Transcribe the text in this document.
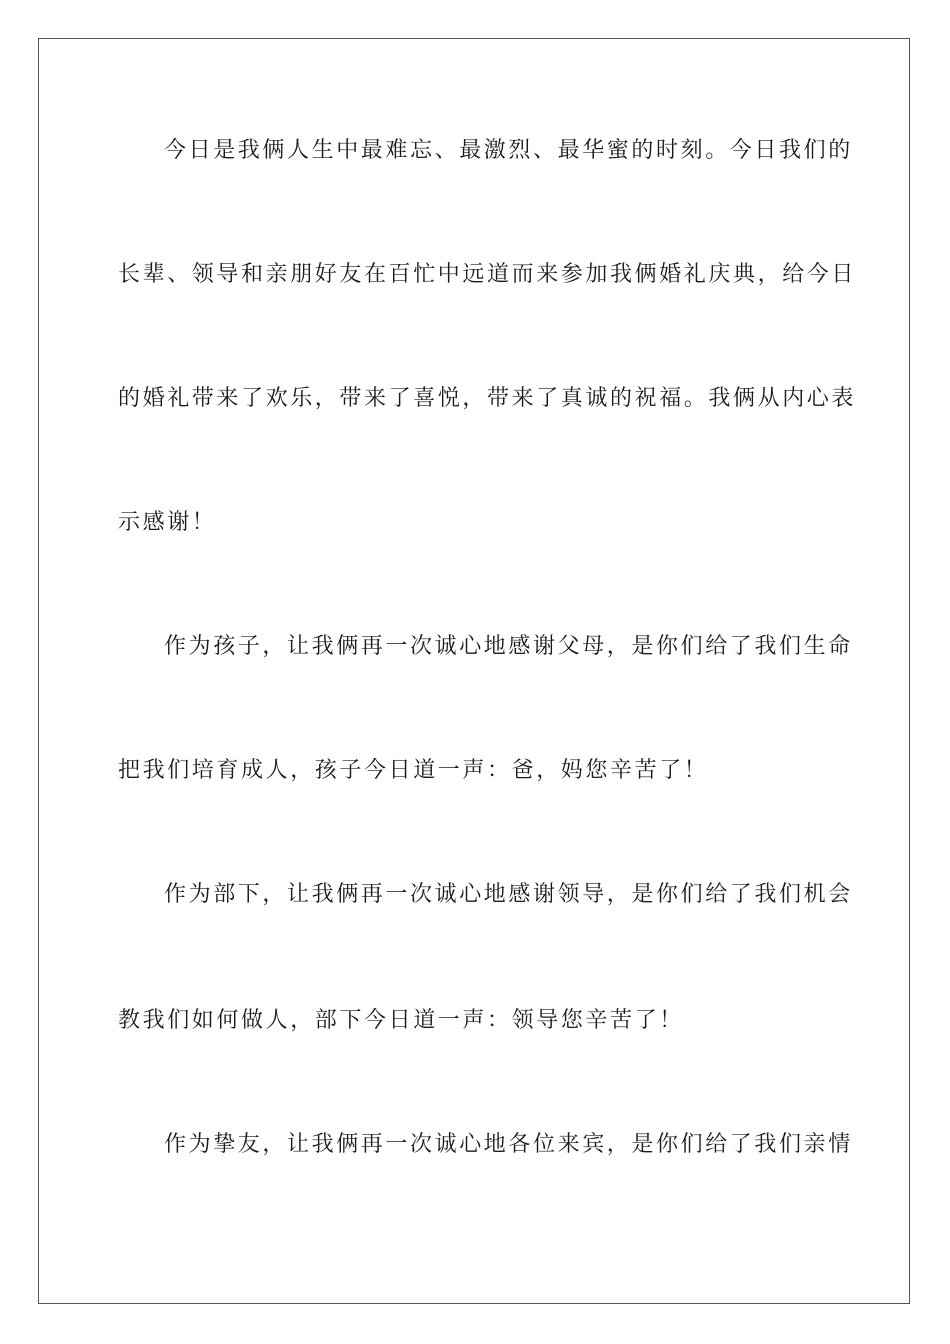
今日是我俩人生中最难忘、最激烈、最华蜜的时刻。今日我们的
长辈、领导和亲朋好友在百忙中远道而来参加我俩婚礼庆典，给今日
的婚礼带来了欢乐，带来了喜悦，带来了真诚的祝福。我俩从内心表
示感谢！
作为孩子，让我俩再一次诚心地感谢父母，是你们给了我们生命
把我们培育成人，孩子今日道一声：爸，妈您辛苦了！
作为部下，让我俩再一次诚心地感谢领导，是你们给了我们机会
教我们如何做人，部下今日道一声：领导您辛苦了！
作为挚友，让我俩再一次诚心地各位来宾，是你们给了我们亲情
